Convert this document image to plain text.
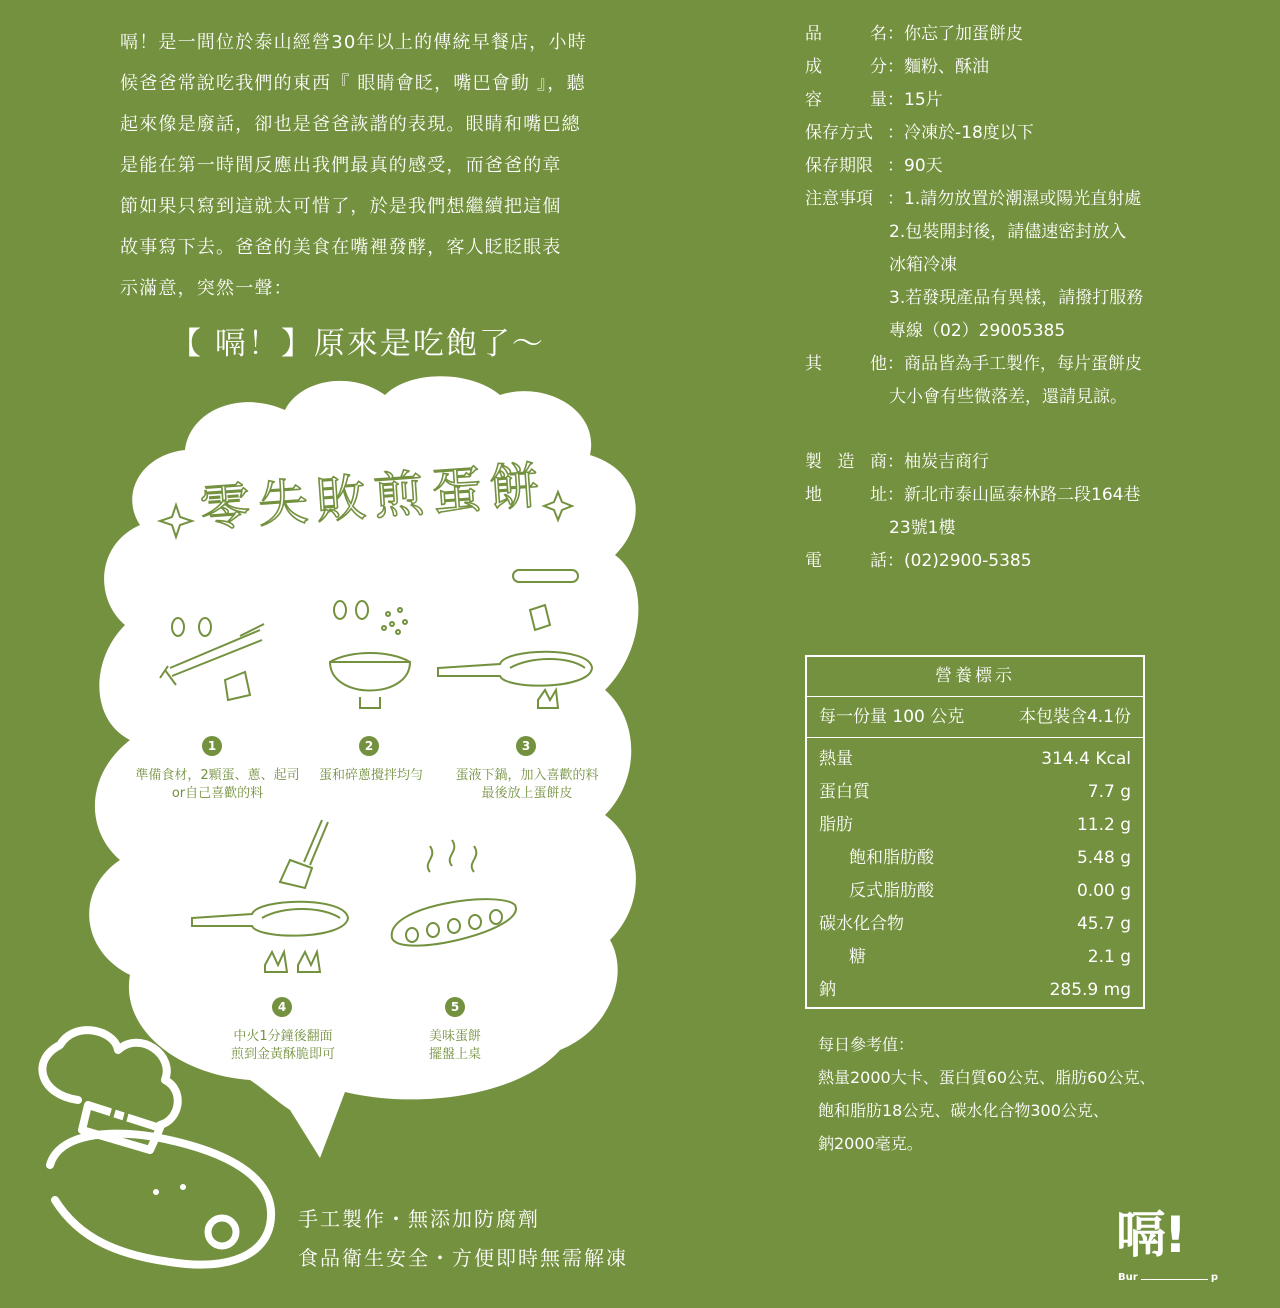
嗝！是一間位於泰山經營30年以上的傳統早餐店，小時

候爸爸常說吃我們的東西『 眼睛會眨，嘴巴會動 』，聽

起來像是廢話，卻也是爸爸詼諧的表現。眼睛和嘴巴總

是能在第一時間反應出我們最真的感受，而爸爸的章

節如果只寫到這就太可惜了，於是我們想繼續把這個

故事寫下去。爸爸的美食在嘴裡發酵，客人眨眨眼表

示滿意，突然一聲：

【 嗝！】原來是吃飽了～
零失敗煎蛋餅
1
準備食材，2顆蛋、蔥、起司
or自己喜歡的料
2
蛋和碎蔥攪拌均勻
3
蛋液下鍋，加入喜歡的料
最後放上蛋餅皮
4
中火1分鐘後翻面
煎到金黃酥脆即可
5
美味蛋餅
擺盤上桌
手工製作・無添加防腐劑
食品衛生安全・方便即時無需解凍
品	名 ：你忘了加蛋餅皮
成	分 ：麵粉、酥油
容	量 ：15片
保存方式 ：冷凍於-18度以下
保存期限 ：90天
注意事項 ：1.請勿放置於潮濕或陽光直射處
2.包裝開封後，請儘速密封放入
冰箱冷凍
3.若發現產品有異樣，請撥打服務
專線（02）29005385
其	他 ：商品皆為手工製作，每片蛋餅皮
大小會有些微落差，還請見諒。
製 造 商 ：柚炭吉商行
地	址 ：新北市泰山區泰林路二段164巷
23號1樓
電	話 ：(02)2900-5385
營養標示
每一份量 100 公克	本包裝含4.1份
熱量	314.4 Kcal
蛋白質	7.7 g
脂肪	11.2 g
飽和脂肪酸	5.48 g
反式脂肪酸	0.00 g
碳水化合物	45.7 g
糖	2.1 g
鈉	285.9 mg
每日參考值：
熱量2000大卡、蛋白質60公克、脂肪60公克、
飽和脂肪18公克、碳水化合物300公克、
鈉2000毫克。
嗝!
Bur	p
